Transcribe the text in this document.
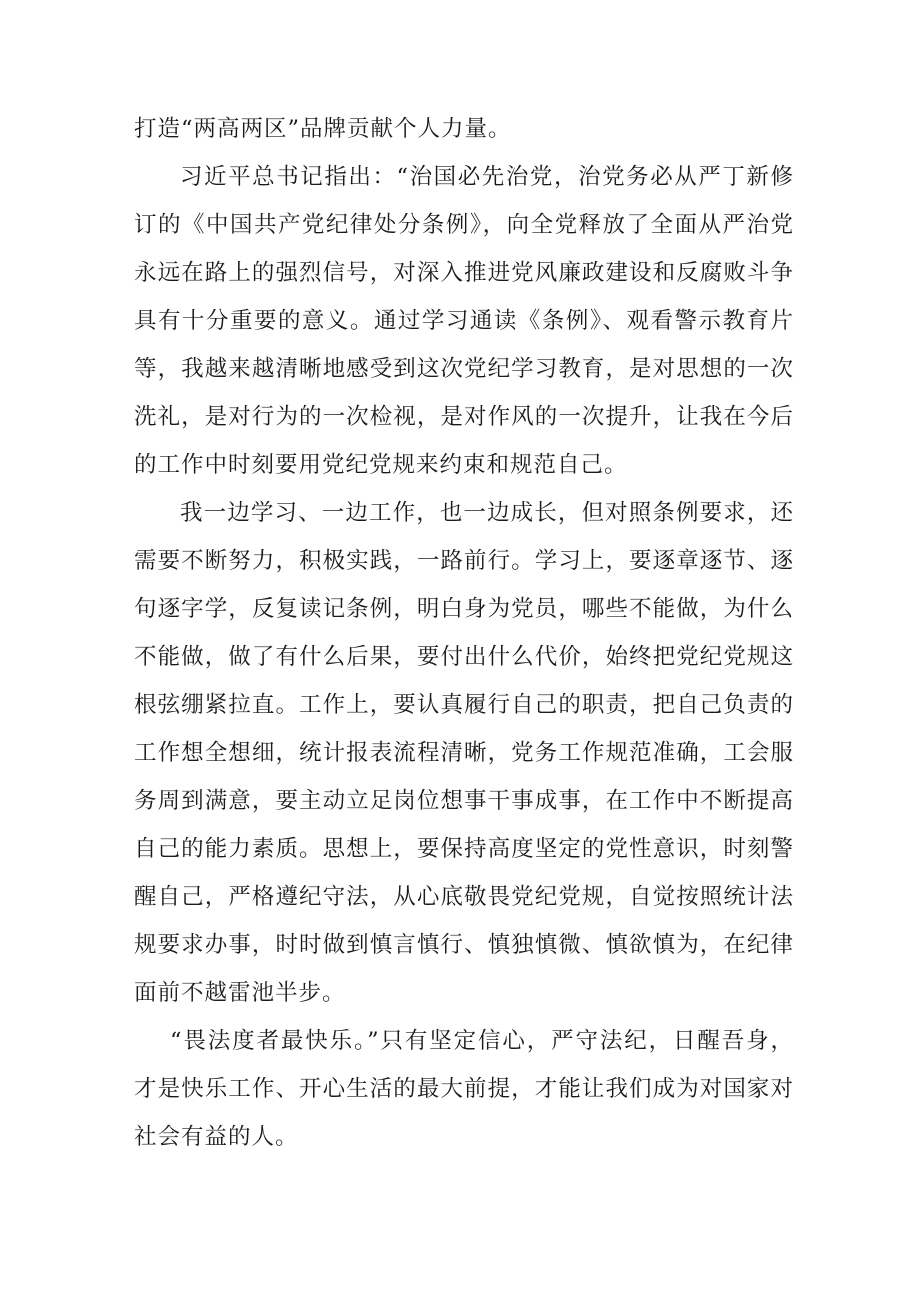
打造“两高两区”品牌贡献个人力量。
习近平总书记指出：“治国必先治党，治党务必从严丁新修
订的《中国共产党纪律处分条例》，向全党释放了全面从严治党
永远在路上的强烈信号，对深入推进党风廉政建设和反腐败斗争
具有十分重要的意义。通过学习通读《条例》、观看警示教育片
等，我越来越清晰地感受到这次党纪学习教育，是对思想的一次
洗礼，是对行为的一次检视，是对作风的一次提升，让我在今后
的工作中时刻要用党纪党规来约束和规范自己。
我一边学习、一边工作，也一边成长，但对照条例要求，还
需要不断努力，积极实践，一路前行。学习上，要逐章逐节、逐
句逐字学，反复读记条例，明白身为党员，哪些不能做，为什么
不能做，做了有什么后果，要付出什么代价，始终把党纪党规这
根弦绷紧拉直。工作上，要认真履行自己的职责，把自己负责的
工作想全想细，统计报表流程清晰，党务工作规范准确，工会服
务周到满意，要主动立足岗位想事干事成事，在工作中不断提高
自己的能力素质。思想上，要保持高度坚定的党性意识，时刻警
醒自己，严格遵纪守法，从心底敬畏党纪党规，自觉按照统计法
规要求办事，时时做到慎言慎行、慎独慎微、慎欲慎为，在纪律
面前不越雷池半步。
“畏法度者最快乐。”只有坚定信心，严守法纪，日醒吾身，
才是快乐工作、开心生活的最大前提，才能让我们成为对国家对
社会有益的人。
